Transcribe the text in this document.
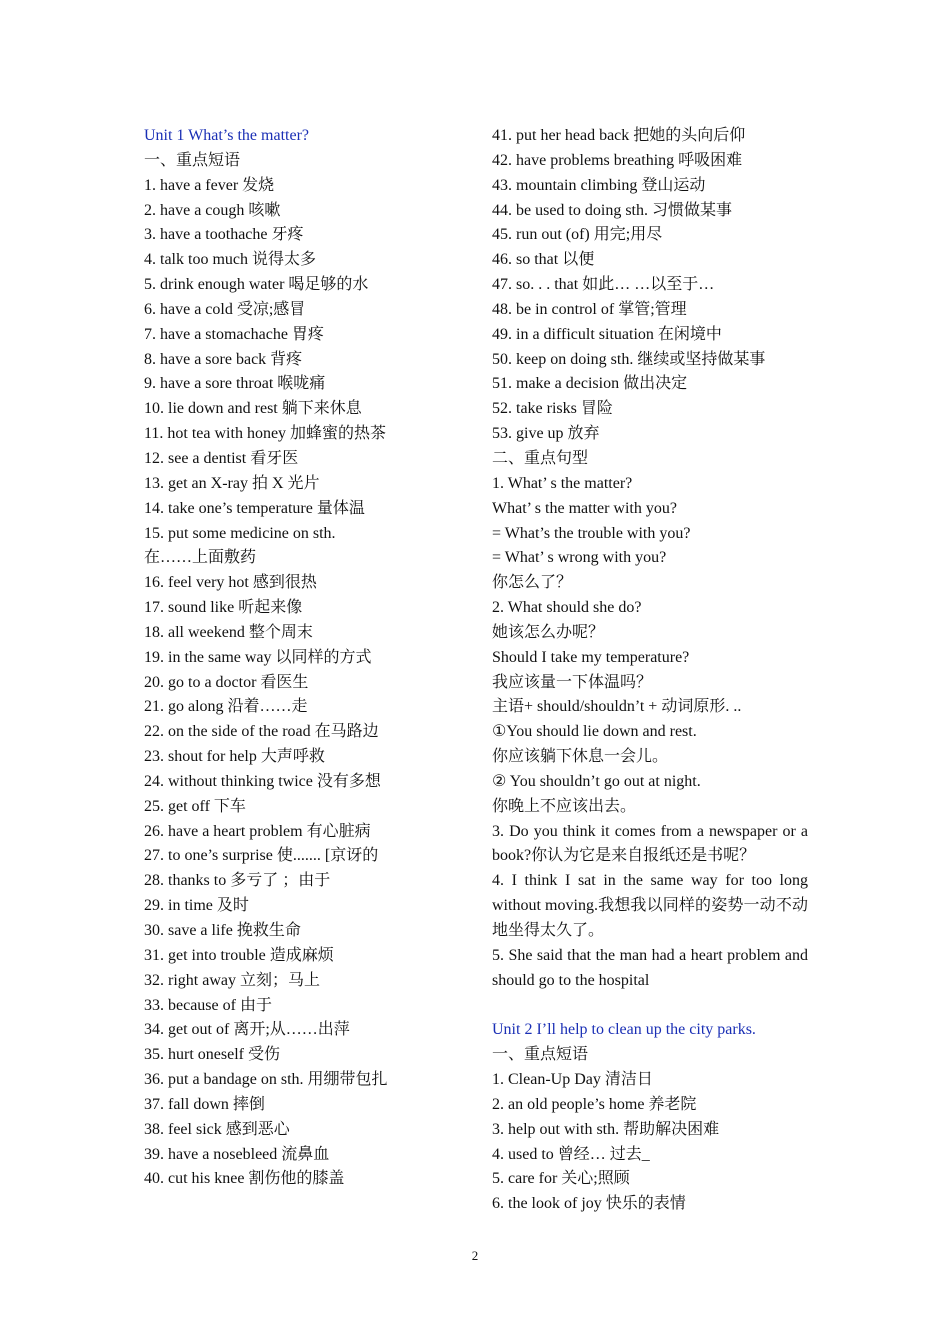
Unit 1 What’s the matter?
一、重点短语
1. have a fever 发烧
2. have a cough 咳嗽
3. have a toothache 牙疼
4. talk too much 说得太多
5. drink enough water 喝足够的水
6. have a cold 受凉;感冒
7. have a stomachache 胃疼
8. have a sore back 背疼
9. have a sore throat 喉咙痛
10. lie down and rest 躺下来休息
11. hot tea with honey 加蜂蜜的热茶
12. see a dentist 看牙医
13. get an X-ray 拍 X 光片
14. take one’s temperature 量体温
15. put some medicine on sth.
在……上面敷药
16. feel very hot 感到很热
17. sound like 听起来像
18. all weekend 整个周末
19. in the same way 以同样的方式
20. go to a doctor 看医生
21. go along 沿着……走
22. on the side of the road 在马路边
23. shout for help 大声呼救
24. without thinking twice 没有多想
25. get off 下车
26. have a heart problem 有心脏病
27. to one’s surprise 使....... [京讶的
28. thanks to 多亏了 ；由于
29. in time 及时
30. save a life 挽救生命
31. get into trouble 造成麻烦
32. right away 立刻；马上
33. because of 由于
34. get out of 离开;从……出萍
35. hurt oneself 受伤
36. put a bandage on sth. 用绷带包扎
37. fall down 摔倒
38. feel sick 感到恶心
39. have a nosebleed 流鼻血
40. cut his knee 割伤他的膝盖
41. put her head back 把她的头向后仰
42. have problems breathing 呼吸困难
43. mountain climbing 登山运动
44. be used to doing sth. 习惯做某事
45. run out (of) 用完;用尽
46. so that 以便
47. so. . . that 如此… …以至于…
48. be in control of 掌管;管理
49. in a difficult situation 在闲境中
50. keep on doing sth. 继续或坚持做某事
51. make a decision 做出决定
52. take risks 冒险
53. give up 放弃
二、重点句型
1. What’ s the matter?
What’ s the matter with you?
= What’s the trouble with you?
= What’ s wrong with you?
你怎么了？
2. What should she do?
她该怎么办呢？
Should I take my temperature?
我应该量一下体温吗？
主语+ should/shouldn’t + 动词原形. ..
①You should lie down and rest.
你应该躺下休息一会儿。
② You shouldn’t go out at night.
你晚上不应该出去。
3. Do you think it comes from a newspaper or a book?你认为它是来自报纸还是书呢？
4. I think I sat in the same way for too long without moving.我想我以同样的姿势一动不动地坐得太久了。
5. She said that the man had a heart problem and should go to the hospital
Unit 2 I’ll help to clean up the city parks.
一、重点短语
1. Clean-Up Day 清洁日
2. an old people’s home 养老院
3. help out with sth. 帮助解决困难
4. used to 曾经… 过去_
5. care for 关心;照顾
6. the look of joy 快乐的表情
2
